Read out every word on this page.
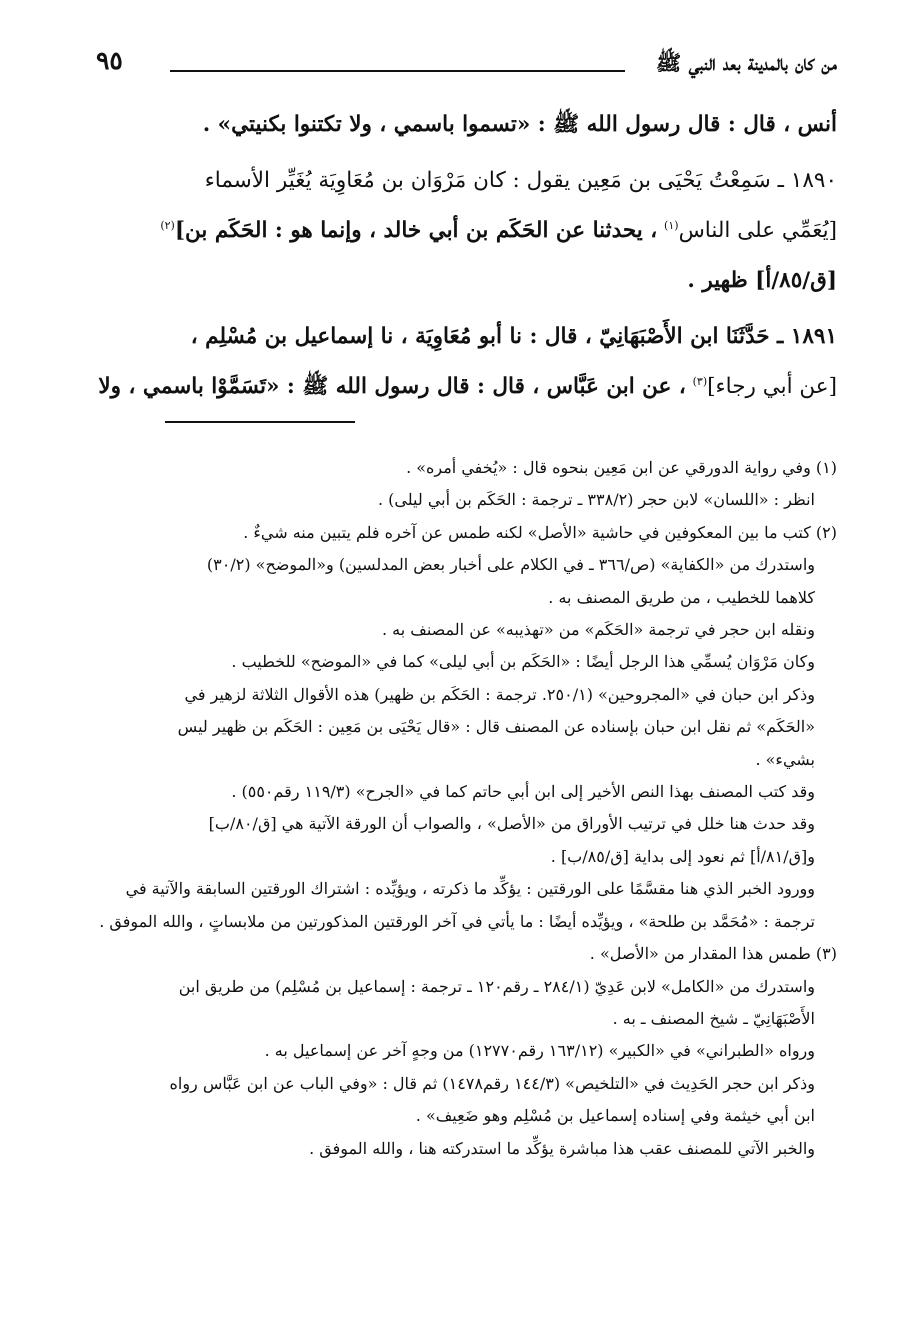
من كان بالمدينة بعد النبي ﷺ
٩٥

أنس ، قال : قال رسول الله ﷺ : «تسموا باسمي ، ولا تكتنوا بكنيتي» .

١٨٩٠ ـ سَمِعْتُ يَحْيَى بن مَعِين يقول : كان مَرْوَان بن مُعَاوِيَة يُغَيِّر الأسماء

[يُعَمِّي على الناس$^{(١)}$ ، يحدثنا عن الحَكَم بن أبي خالد ، وإنما هو : الحَكَم بن]$^{(٢)}$

[ق/٨٥/أ] ظهير .

١٨٩١ ـ حَدَّثَنَا ابن الأَصْبَهَانِيّ ، قال : نا أبو مُعَاوِيَة ، نا إسماعيل بن مُسْلِم ،

[عن أبي رجاء]$^{(٣)}$ ، عن ابن عَبَّاس ، قال : قال رسول الله ﷺ : «تَسَمَّوْا باسمي ، ولا

(١) وفي رواية الدورقي عن ابن مَعِين بنحوه قال : «يُخفي أمره» .

انظر : «اللسان» لابن حجر (٣٣٨/٢ ـ ترجمة : الحَكَم بن أبي ليلى) .

(٢) كتب ما بين المعكوفين في حاشية «الأصل» لكنه طمس عن آخره فلم يتبين منه شيءٌ .

واستدرك من «الكفاية» (ص/٣٦٦ ـ في الكلام على أخبار بعض المدلسين) و«الموضح» (٣٠/٢)

كلاهما للخطيب ، من طريق المصنف به .

ونقله ابن حجر في ترجمة «الحَكَم» من «تهذيبه» عن المصنف به .

وكان مَرْوَان يُسمِّي هذا الرجل أيضًا : «الحَكَم بن أبي ليلى» كما في «الموضح» للخطيب .

وذكر ابن حبان في «المجروحين» (٢٥٠/١. ترجمة : الحَكَم بن ظهير) هذه الأقوال الثلاثة لزهير في

«الحَكَم» ثم نقل ابن حبان بإسناده عن المصنف قال : «قال يَحْيَى بن مَعِين : الحَكَم بن ظهير ليس

بشيء» .

وقد كتب المصنف بهذا النص الأخير إلى ابن أبي حاتم كما في «الجرح» (١١٩/٣ رقم٥٥٠) .

وقد حدث هنا خلل في ترتيب الأوراق من «الأصل» ، والصواب أن الورقة الآتية هي [ق/٨٠/ب]

و[ق/٨١/أ] ثم نعود إلى بداية [ق/٨٥/ب] .

وورود الخبر الذي هنا مقسَّمًا على الورقتين : يؤكِّد ما ذكرته ، ويؤيِّده : اشتراك الورقتين السابقة والآتية في

ترجمة : «مُحَمَّد بن طلحة» ، ويؤيِّده أيضًا : ما يأتي في آخر الورقتين المذكورتين من ملابساتٍ ، والله الموفق .

(٣) طمس هذا المقدار من «الأصل» .

واستدرك من «الكامل» لابن عَدِيّ (٢٨٤/١ ـ رقم١٢٠ ـ ترجمة : إسماعيل بن مُسْلِم) من طريق ابن

الأَصْبَهَانِيّ ـ شيخ المصنف ـ به .

ورواه «الطبراني» في «الكبير» (١٦٣/١٢ رقم١٢٧٧٠) من وجهٍ آخر عن إسماعيل به .

وذكر ابن حجر الحَدِيث في «التلخيص» (١٤٤/٣ رقم١٤٧٨) ثم قال : «وفي الباب عن ابن عَبَّاس رواه

ابن أبي خيثمة وفي إسناده إسماعيل بن مُسْلِم وهو ضَعِيف» .

والخبر الآتي للمصنف عقب هذا مباشرة يؤكِّد ما استدركته هنا ، والله الموفق .
